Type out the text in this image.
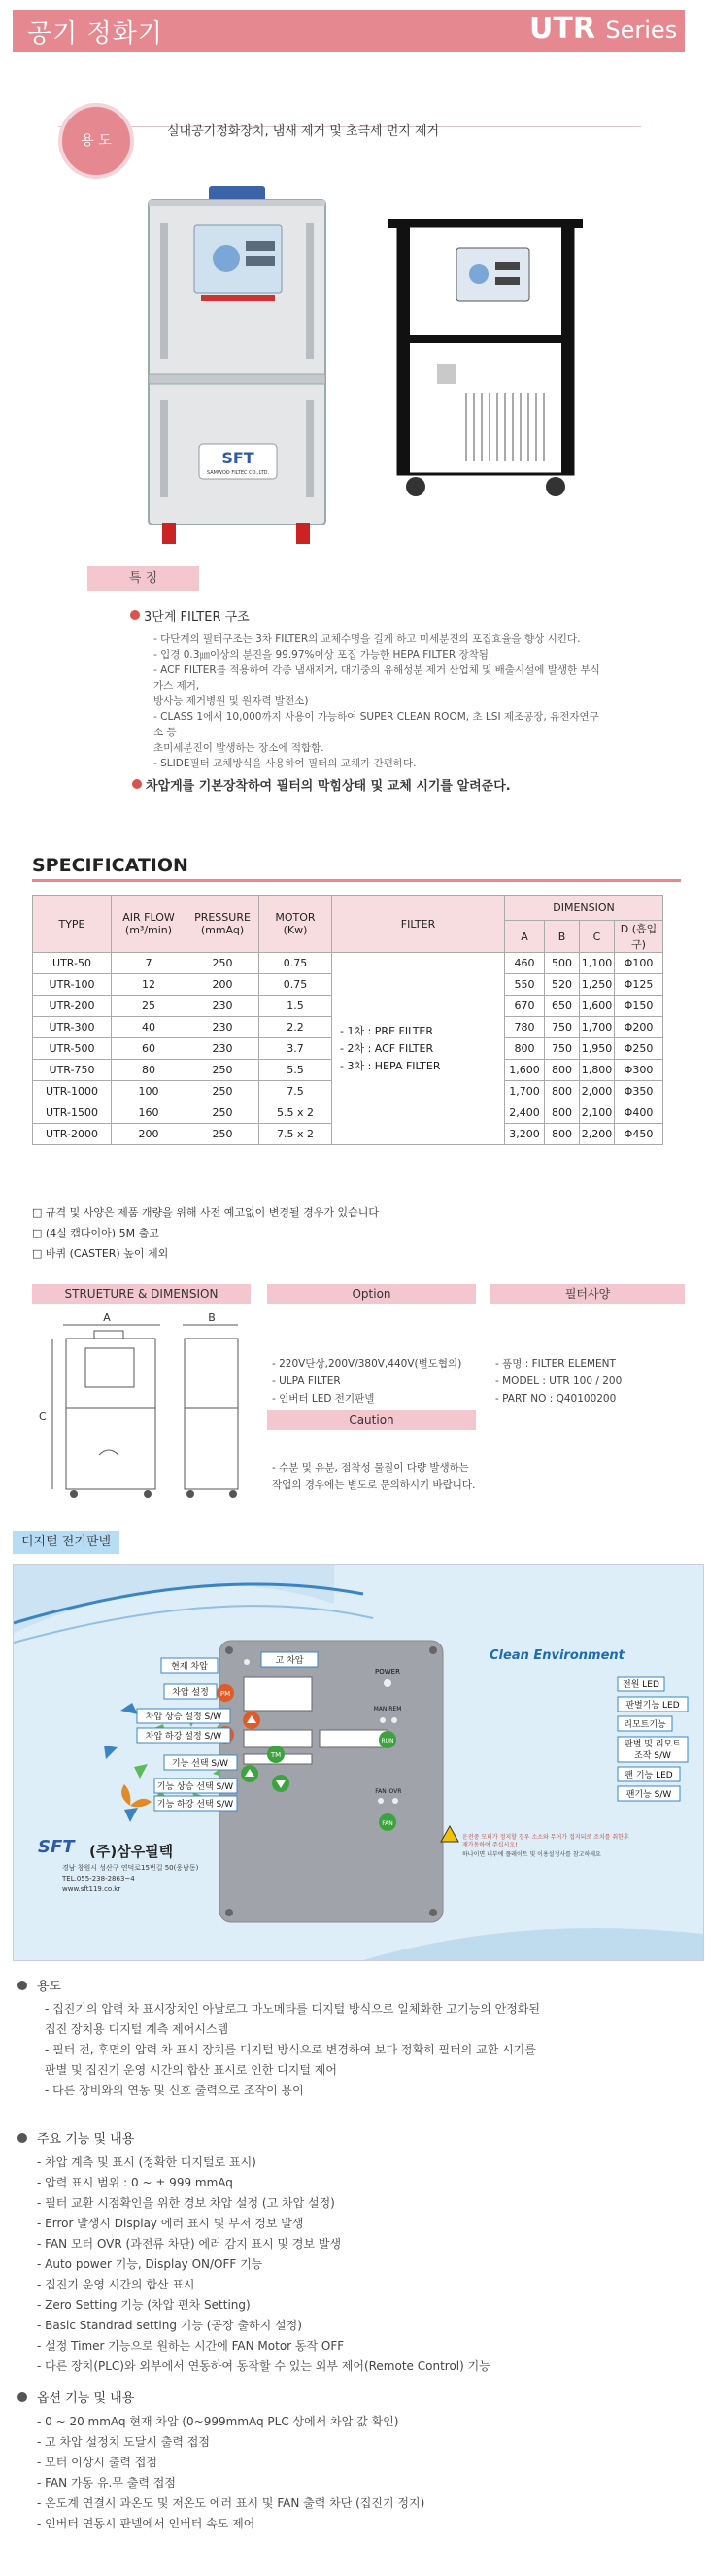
공기 정화기	UTR Series
용 도
실내공기정화장치, 냄새 제거 및 초극세 먼지 제거
SFT
SAMWOO FILTEC CO.,LTD.
특 징
3단계 FILTER 구조

- 다단계의 필터구조는 3차 FILTER의 교체수명을 길게 하고 미세분진의 포집효율을 향상 시킨다.

- 입경 0.3㎛이상의 분진을 99.97%이상 포집 가능한 HEPA FILTER 장착됨.

- ACF FILTER를 적용하여 각종 냄새제거, 대기중의 유해성분 제거 산업체 및 배출시설에 발생한 부식가스 제거,

방사능 제거병원 및 원자력 발전소)

- CLASS 1에서 10,000까지 사용이 가능하여 SUPER CLEAN ROOM, 초 LSI 제조공장, 유전자연구소 등

초미세분진이 발생하는 장소에 적합함.

- SLIDE필터 교체방식을 사용하여 필터의 교체가 간편하다.

차압게를 기본장착하여 필터의 막힘상태 및 교체 시기를 알려준다.
SPECIFICATION
TYPE	AIR FLOW
(m³/min)	PRESSURE
(mmAq)	MOTOR
(Kw)	FILTER	DIMENSION			
					A	B	C	D (흡입구)
UTR-50	7	250	0.75	- 1차 : PRE FILTER
- 2차 : ACF FILTER
- 3차 : HEPA FILTER	460	500	1,100	Φ100
UTR-100	12	200	0.75		550	520	1,250	Φ125
UTR-200	25	230	1.5		670	650	1,600	Φ150
UTR-300	40	230	2.2		780	750	1,700	Φ200
UTR-500	60	230	3.7		800	750	1,950	Φ250
UTR-750	80	250	5.5		1,600	800	1,800	Φ300
UTR-1000	100	250	7.5		1,700	800	2,000	Φ350
UTR-1500	160	250	5.5 x 2		2,400	800	2,100	Φ400
UTR-2000	200	250	7.5 x 2		3,200	800	2,200	Φ450
□ 규격 및 사양은 제품 개량을 위해 사전 예고없이 변경될 경우가 있습니다
□ (4실 캡다이아) 5M 출고
□ 바퀴 (CASTER) 높이 제외
STRUETURE & DIMENSION
A	B
C
Option
- 220V단상,200V/380V,440V(별도협의)
- ULPA FILTER
- 인버터 LED 전기판넬
필터사양
- 품명 : FILTER ELEMENT
- MODEL : UTR 100 / 200
- PART NO : Q40100200
Caution
- 수분 및 유분, 점착성 물질이 다량 발생하는
작업의 경우에는 별도로 문의하시기 바랍니다.
디지털 전기판넬
PM
TM
POWER
MAN REM
RUN
FAN OVR
FAN
Clean Environment
현재 차압
고 차압
차압 설정
차압 상승 설정 S/W
차압 하강 설정 S/W
기능 선택 S/W
기능 상승 선택 S/W
기능 하강 선택 S/W
전원 LED
판별기능 LED
리모트기능
판별 및 리모트
조작 S/W
팬 기능 LED
팬기능 S/W
SFT (주)삼우필텍
경남 창원시 성산구 연덕로15번길 50(웅남동)
TEL.055-238-2863~4
www.sft119.co.kr
운전중 모터가 정지할 경우 소소와 무어가 접지되로 조치를 취한후
재가동하여 주십시오!
하나이면 내부에 플레이트 및 이용설정사를 참고하세요
용도

- 집진기의 압력 차 표시장치인 아날로그 마노메타를 디지털 방식으로 일체화한 고기능의 안정화된

집진 장치용 디지털 계측 제어시스템

- 필터 전, 후면의 압력 차 표시 장치를 디지털 방식으로 변경하여 보다 정확히 필터의 교환 시기를

판별 및 집진기 운영 시간의 합산 표시로 인한 디지털 제어

- 다른 장비와의 연동 및 신호 출력으로 조작이 용이

주요 기능 및 내용

- 차압 계측 및 표시 (정확한 디지털로 표시)

- 압력 표시 범위 : 0 ~ ± 999 mmAq

- 필터 교환 시점확인을 위한 경보 차압 설정 (고 차압 설정)

- Error 발생시 Display 에러 표시 및 부저 경보 발생

- FAN 모터 OVR (과전류 차단) 에러 감지 표시 및 경보 발생

- Auto power 기능, Display ON/OFF 기능

- 집진기 운영 시간의 합산 표시

- Zero Setting 기능 (차압 편차 Setting)

- Basic Standrad setting 기능 (공장 출하지 설정)

- 설정 Timer 기능으로 원하는 시간에 FAN Motor 동작 OFF

- 다른 장치(PLC)와 외부에서 연동하여 동작할 수 있는 외부 제어(Remote Control) 기능

옵션 기능 및 내용

- 0 ~ 20 mmAq 현재 차압 (0~999mmAq PLC 상에서 차압 값 확인)

- 고 차압 설정치 도달시 출력 접점

- 모터 이상시 출력 접점

- FAN 가동 유.무 출력 접점

- 온도계 연결시 과온도 및 저온도 에러 표시 및 FAN 출력 차단 (집진기 정지)

- 인버터 연동시 판넬에서 인버터 속도 제어
